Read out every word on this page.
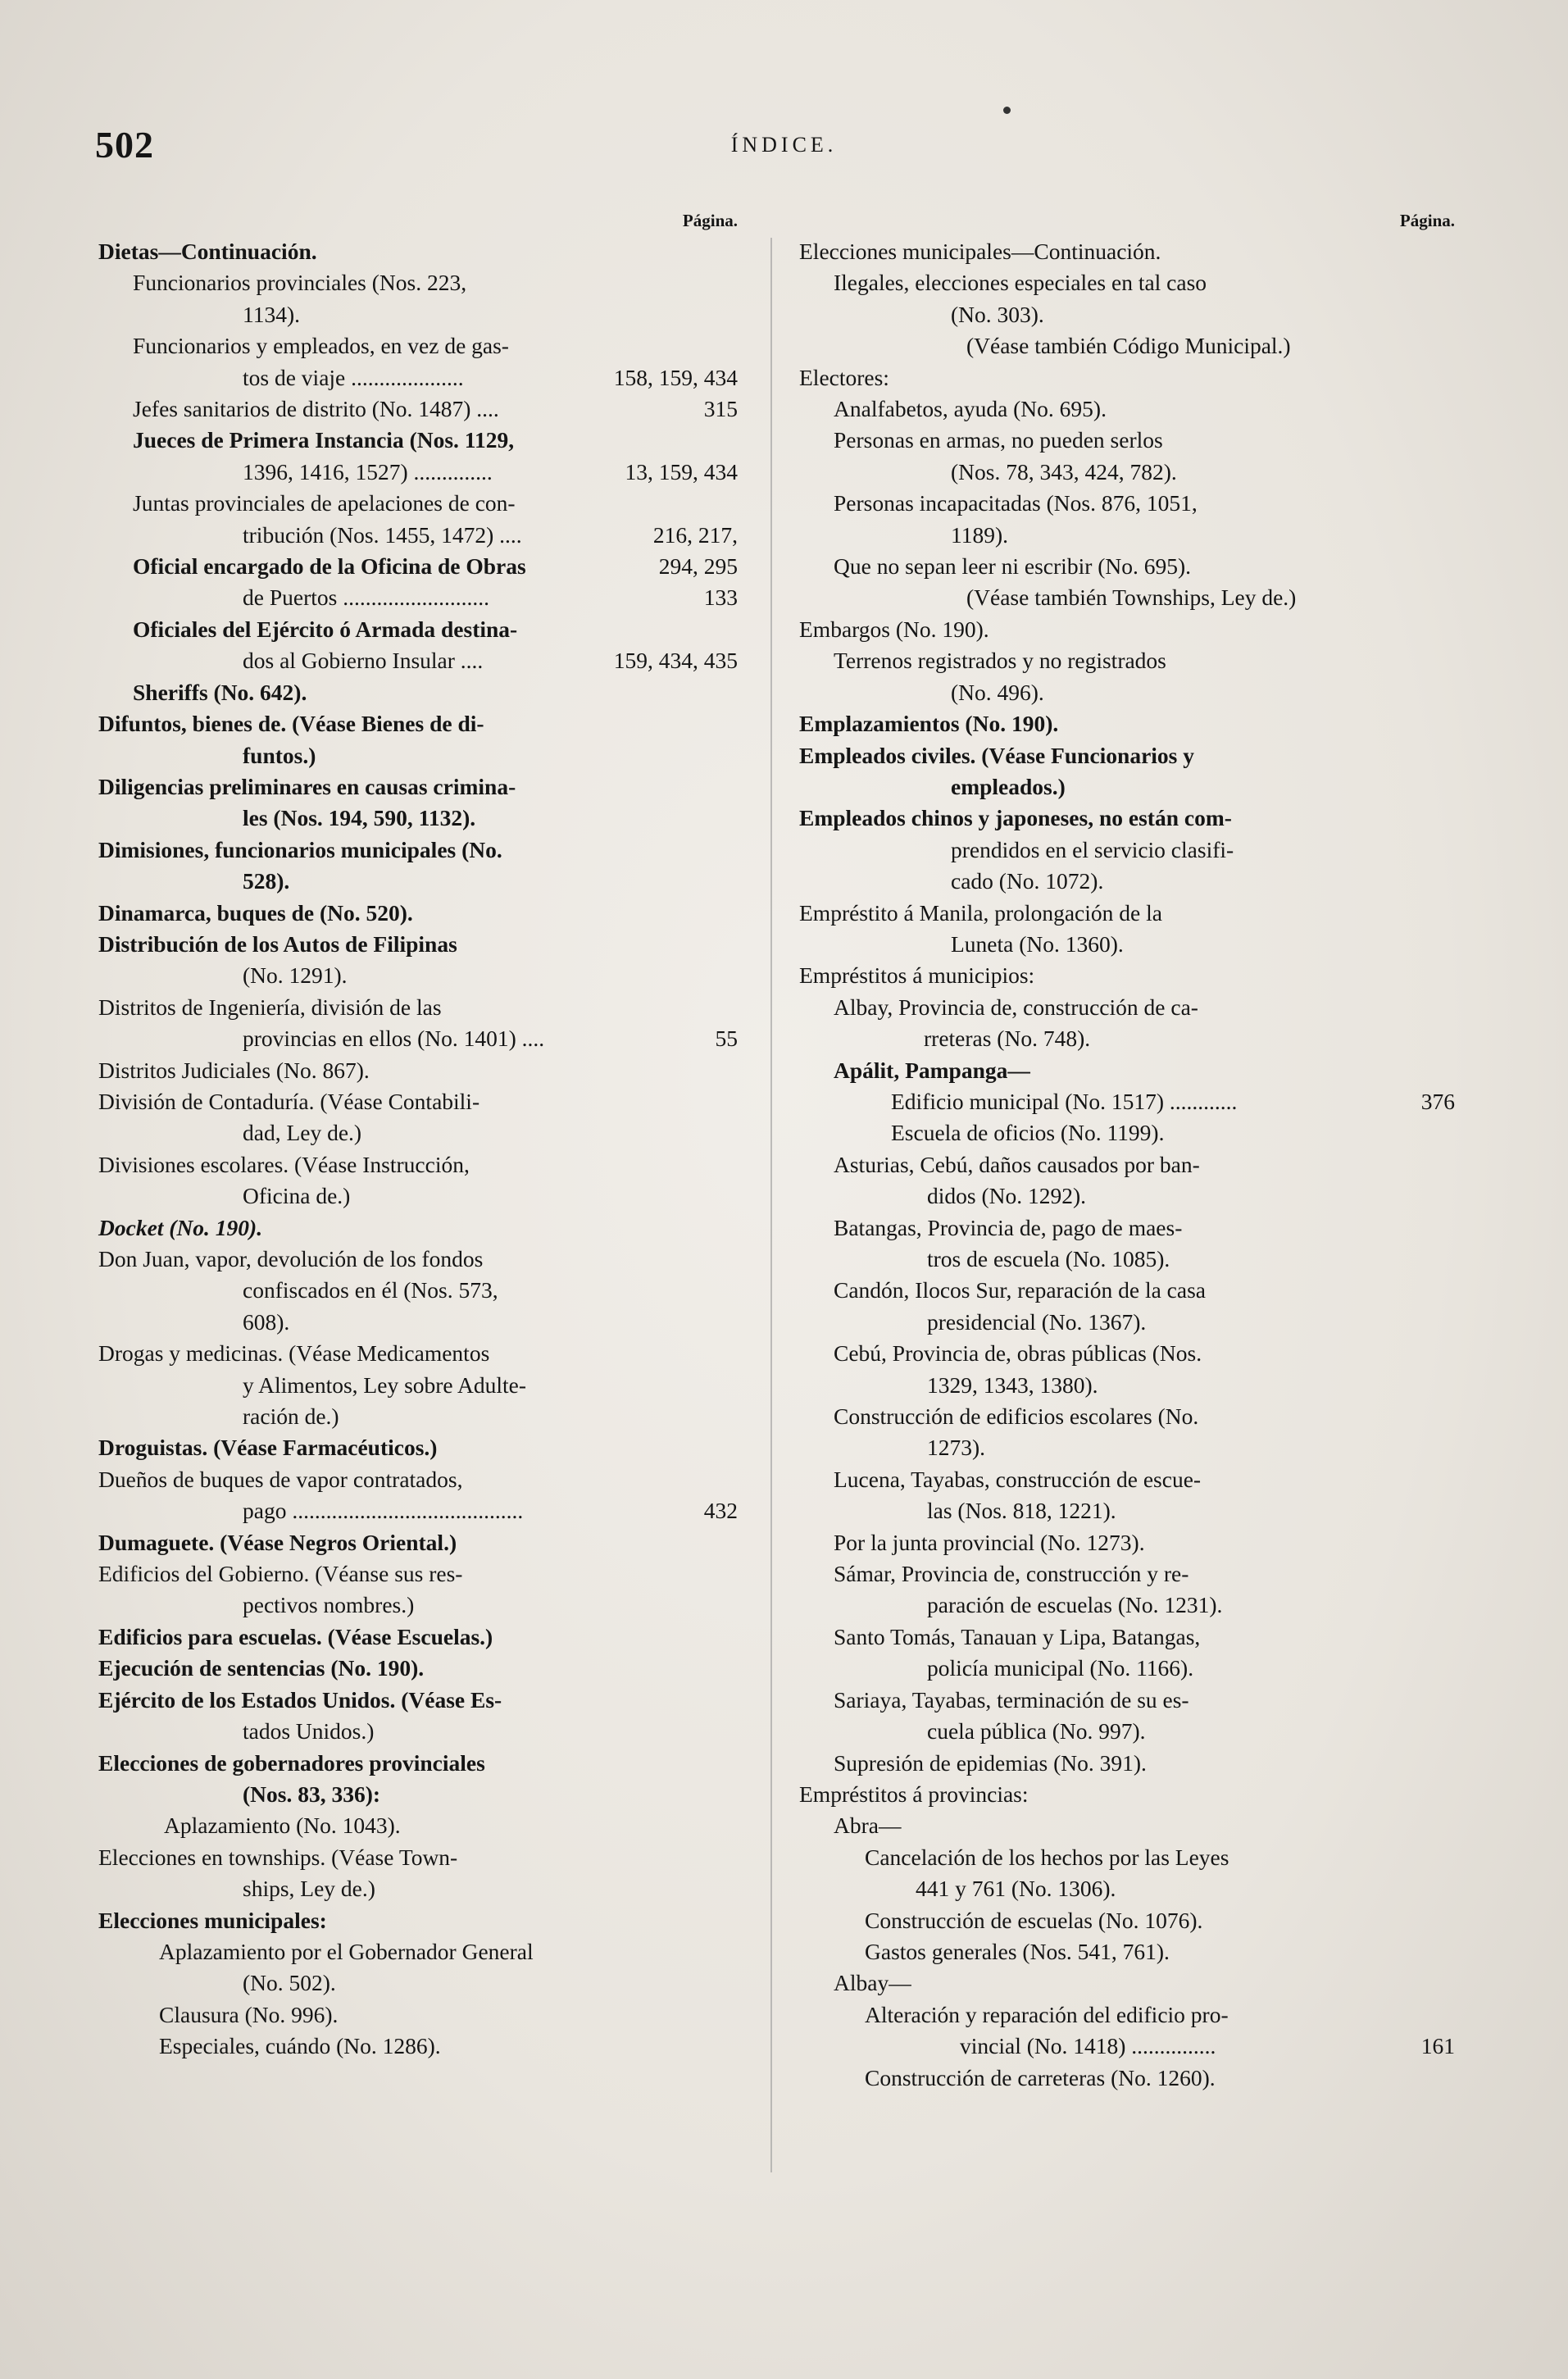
502	ÍNDICE.
Página.
Dietas—Continuación.
Funcionarios provinciales (Nos. 223,
1134).
Funcionarios y empleados, en vez de gas-
tos de viaje ....................	158, 159, 434
Jefes sanitarios de distrito (No. 1487) ....	315
Jueces de Primera Instancia (Nos. 1129,
1396, 1416, 1527) ..............	13, 159, 434
Juntas provinciales de apelaciones de con-
tribución (Nos. 1455, 1472) ....	216, 217,
294, 295
Oficial encargado de la Oficina de Obras
de Puertos ..........................	133
Oficiales del Ejército ó Armada destina-
dos al Gobierno Insular ....	159, 434, 435
Sheriffs (No. 642).
Difuntos, bienes de. (Véase Bienes de di-
funtos.)
Diligencias preliminares en causas crimina-
les (Nos. 194, 590, 1132).
Dimisiones, funcionarios municipales (No.
528).
Dinamarca, buques de (No. 520).
Distribución de los Autos de Filipinas
(No. 1291).
Distritos de Ingeniería, división de las
provincias en ellos (No. 1401) ....	55
Distritos Judiciales (No. 867).
División de Contaduría. (Véase Contabili-
dad, Ley de.)
Divisiones escolares. (Véase Instrucción,
Oficina de.)
Docket (No. 190).
Don Juan, vapor, devolución de los fondos
confiscados en él (Nos. 573,
608).
Drogas y medicinas. (Véase Medicamentos
y Alimentos, Ley sobre Adulte-
ración de.)
Droguistas. (Véase Farmacéuticos.)
Dueños de buques de vapor contratados,
pago .........................................	432
Dumaguete. (Véase Negros Oriental.)
Edificios del Gobierno. (Véanse sus res-
pectivos nombres.)
Edificios para escuelas. (Véase Escuelas.)
Ejecución de sentencias (No. 190).
Ejército de los Estados Unidos. (Véase Es-
tados Unidos.)
Elecciones de gobernadores provinciales
(Nos. 83, 336):
Aplazamiento (No. 1043).
Elecciones en townships. (Véase Town-
ships, Ley de.)
Elecciones municipales:
Aplazamiento por el Gobernador General
(No. 502).
Clausura (No. 996).
Especiales, cuándo (No. 1286).
Página.
Elecciones municipales—Continuación.
Ilegales, elecciones especiales en tal caso
(No. 303).
(Véase también Código Municipal.)
Electores:
Analfabetos, ayuda (No. 695).
Personas en armas, no pueden serlos
(Nos. 78, 343, 424, 782).
Personas incapacitadas (Nos. 876, 1051,
1189).
Que no sepan leer ni escribir (No. 695).
(Véase también Townships, Ley de.)
Embargos (No. 190).
Terrenos registrados y no registrados
(No. 496).
Emplazamientos (No. 190).
Empleados civiles. (Véase Funcionarios y
empleados.)
Empleados chinos y japoneses, no están com-
prendidos en el servicio clasifi-
cado (No. 1072).
Empréstito á Manila, prolongación de la
Luneta (No. 1360).
Empréstitos á municipios:
Albay, Provincia de, construcción de ca-
rreteras (No. 748).
Apálit, Pampanga—
Edificio municipal (No. 1517) ............	376
Escuela de oficios (No. 1199).
Asturias, Cebú, daños causados por ban-
didos (No. 1292).
Batangas, Provincia de, pago de maes-
tros de escuela (No. 1085).
Candón, Ilocos Sur, reparación de la casa
presidencial (No. 1367).
Cebú, Provincia de, obras públicas (Nos.
1329, 1343, 1380).
Construcción de edificios escolares (No.
1273).
Lucena, Tayabas, construcción de escue-
las (Nos. 818, 1221).
Por la junta provincial (No. 1273).
Sámar, Provincia de, construcción y re-
paración de escuelas (No. 1231).
Santo Tomás, Tanauan y Lipa, Batangas,
policía municipal (No. 1166).
Sariaya, Tayabas, terminación de su es-
cuela pública (No. 997).
Supresión de epidemias (No. 391).
Empréstitos á provincias:
Abra—
Cancelación de los hechos por las Leyes
441 y 761 (No. 1306).
Construcción de escuelas (No. 1076).
Gastos generales (Nos. 541, 761).
Albay—
Alteración y reparación del edificio pro-
vincial (No. 1418) ...............	161
Construcción de carreteras (No. 1260).
